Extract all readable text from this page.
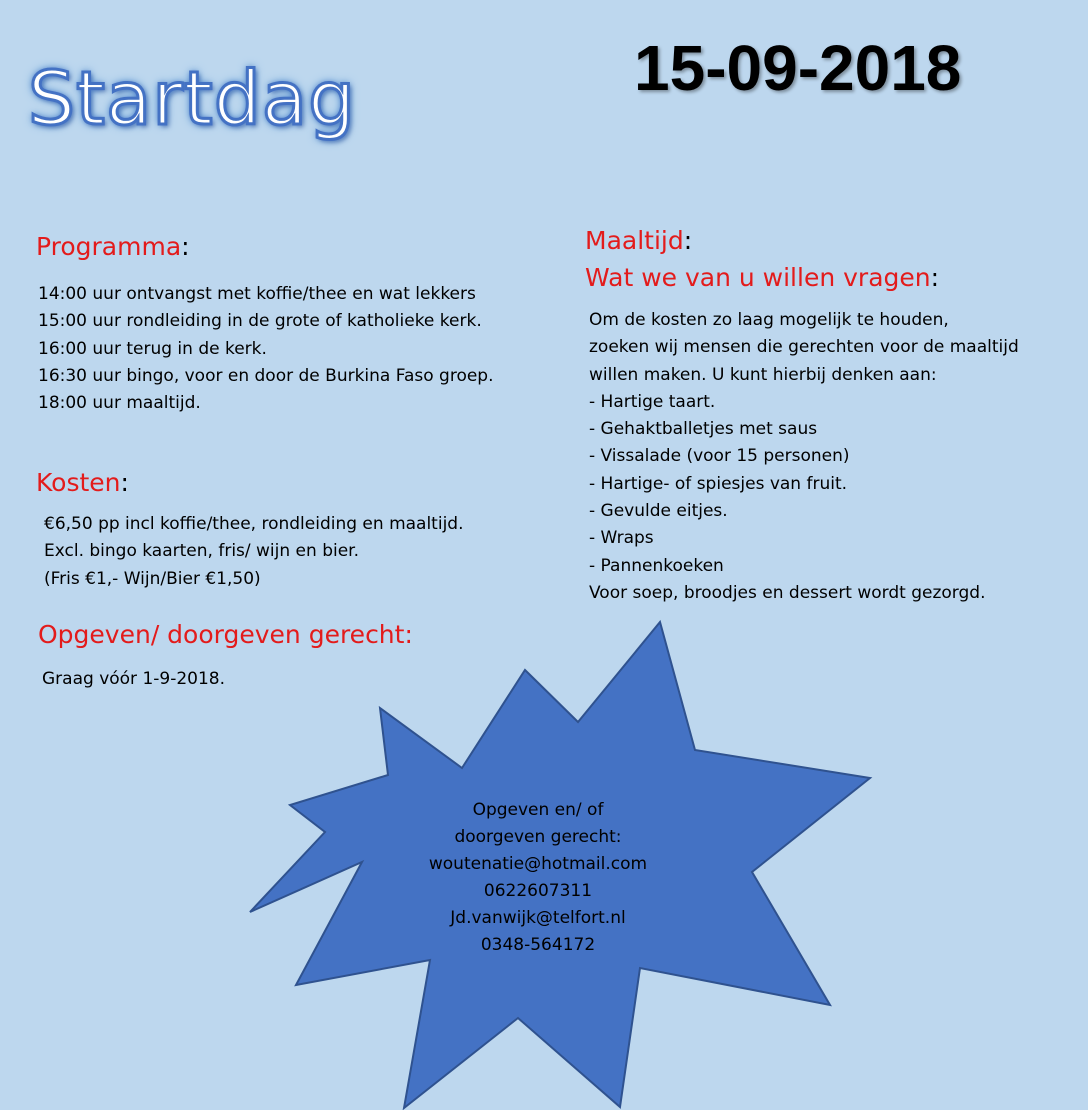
Startdag	15-09-2018
Programma:
14:00 uur ontvangst met koffie/thee en wat lekkers
15:00 uur rondleiding in de grote of katholieke kerk.
16:00 uur terug in de kerk.
16:30 uur bingo, voor en door de Burkina Faso groep.
18:00 uur maaltijd.
Kosten:
€6,50 pp incl koffie/thee, rondleiding en maaltijd.
Excl. bingo kaarten, fris/ wijn en bier.
(Fris €1,- Wijn/Bier €1,50)
Opgeven/ doorgeven gerecht:
Graag vóór 1-9-2018.
Maaltijd:
Wat we van u willen vragen:
Om de kosten zo laag mogelijk te houden,
zoeken wij mensen die gerechten voor de maaltijd
willen maken. U kunt hierbij denken aan:
- Hartige taart.
- Gehaktballetjes met saus
- Vissalade (voor 15 personen)
- Hartige- of spiesjes van fruit.
- Gevulde eitjes.
- Wraps
- Pannenkoeken
Voor soep, broodjes en dessert wordt gezorgd.
Opgeven en/ of
doorgeven gerecht:
woutenatie@hotmail.com
0622607311
Jd.vanwijk@telfort.nl
0348-564172
